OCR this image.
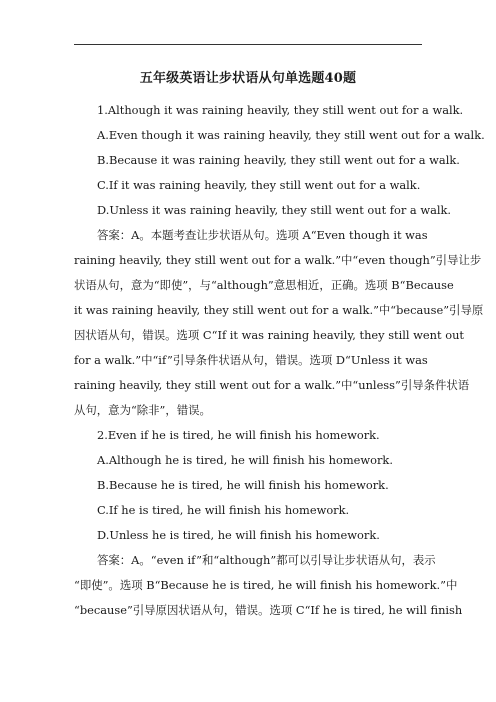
五年级英语让步状语从句单选题40题
1.Although it was raining heavily, they still went out for a walk.
A.Even though it was raining heavily, they still went out for a walk.
B.Because it was raining heavily, they still went out for a walk.
C.If it was raining heavily, they still went out for a walk.
D.Unless it was raining heavily, they still went out for a walk.
答案：A。本题考查让步状语从句。选项 A“Even though it was
raining heavily, they still went out for a walk.”中“even though”引导让步
状语从句，意为“即使”，与“although”意思相近，正确。选项 B“Because
it was raining heavily, they still went out for a walk.”中“because”引导原
因状语从句，错误。选项 C“If it was raining heavily, they still went out
for a walk.”中“if”引导条件状语从句，错误。选项 D“Unless it was
raining heavily, they still went out for a walk.”中“unless”引导条件状语
从句，意为“除非”，错误。
2.Even if he is tired, he will finish his homework.
A.Although he is tired, he will finish his homework.
B.Because he is tired, he will finish his homework.
C.If he is tired, he will finish his homework.
D.Unless he is tired, he will finish his homework.
答案：A。“even if”和“although”都可以引导让步状语从句，表示
“即使”。选项 B“Because he is tired, he will finish his homework.”中
“because”引导原因状语从句，错误。选项 C“If he is tired, he will finish
